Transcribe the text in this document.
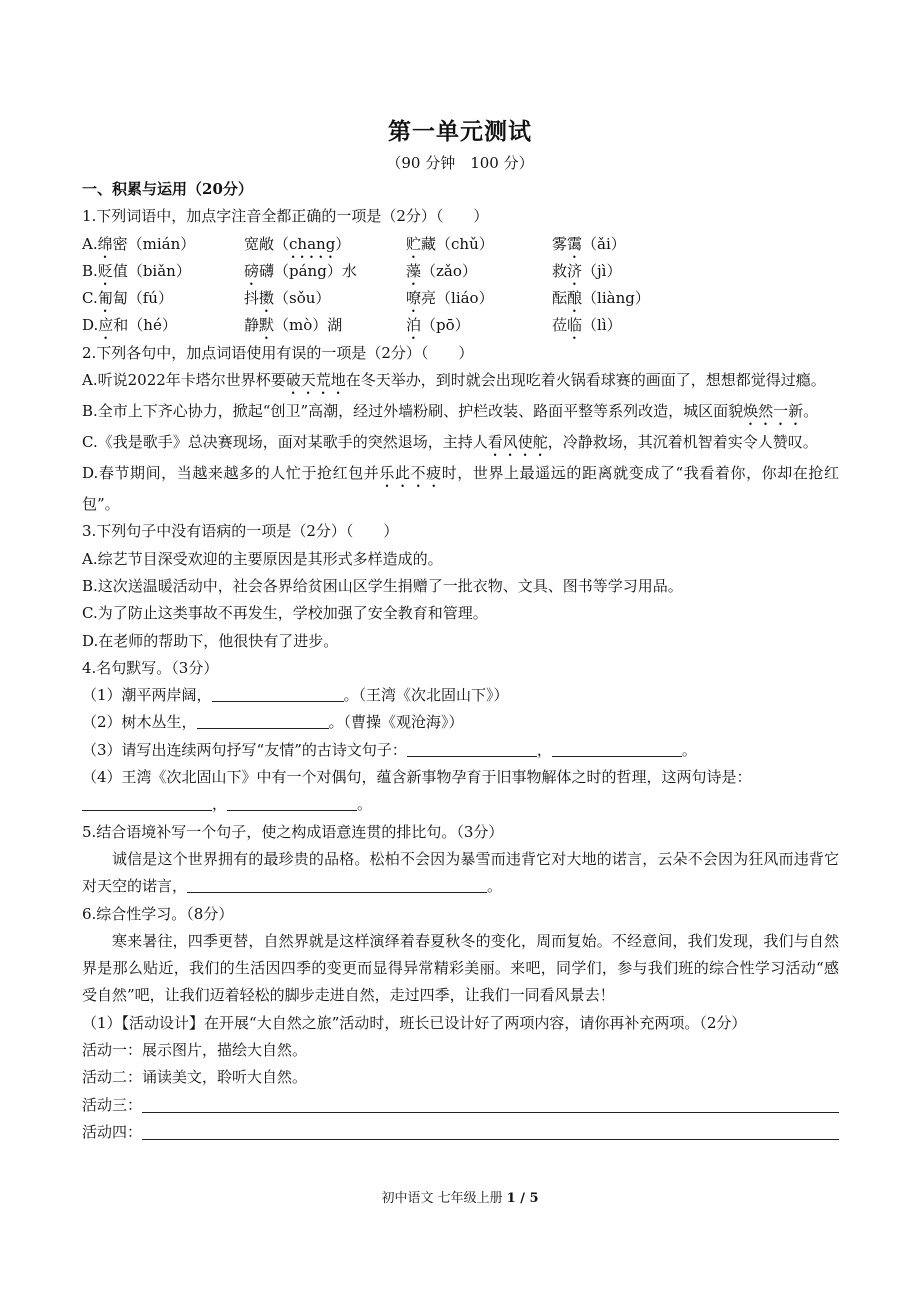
n.com.cn
第一单元测试
（90 分钟　100 分）
一、积累与运用（20分）
1.下列词语中，加点字注音全都正确的一项是（2分）（　　）
A.绵密（mián）	宽敞（chang）	贮藏（chǔ）	雾霭（ǎi）
B.贬值（biǎn）	磅礴（páng）水	藻（zǎo）	救济（jì）
C.匍匐（fú）	抖擞（sǒu）	嘹亮（liáo）	酝酿（liàng）
D.应和（hé）	静默（mò）湖	泊（pō）	莅临（lì）
2.下列各句中，加点词语使用有误的一项是（2分）（　　）
A.听说2022年卡塔尔世界杯要破天荒地在冬天举办，到时就会出现吃着火锅看球赛的画面了，想想都觉得过瘾。
B.全市上下齐心协力，掀起“创卫”高潮，经过外墙粉刷、护栏改装、路面平整等系列改造，城区面貌焕然一新。
C.《我是歌手》总决赛现场，面对某歌手的突然退场，主持人看风使舵，冷静救场，其沉着机智着实令人赞叹。
D.春节期间，当越来越多的人忙于抢红包并乐此不疲时，世界上最遥远的距离就变成了“我看着你，你却在抢红包”。
3.下列句子中没有语病的一项是（2分）（　　）
A.综艺节目深受欢迎的主要原因是其形式多样造成的。
B.这次送温暖活动中，社会各界给贫困山区学生捐赠了一批衣物、文具、图书等学习用品。
C.为了防止这类事故不再发生，学校加强了安全教育和管理。
D.在老师的帮助下，他很快有了进步。
4.名句默写。（3分）
（1）潮平两岸阔，	。（王湾《次北固山下》）
（2）树木丛生，	。（曹操《观沧海》）
（3）请写出连续两句抒写“友情”的古诗文句子：	，	。
（4）王湾《次北固山下》中有一个对偶句，蕴含新事物孕育于旧事物解体之时的哲理，这两句诗是：
，	。
5.结合语境补写一个句子，使之构成语意连贯的排比句。（3分）
诚信是这个世界拥有的最珍贵的品格。松柏不会因为暴雪而违背它对大地的诺言，云朵不会因为狂风而违背它对天空的诺言，	。
6.综合性学习。（8分）
寒来暑往，四季更替，自然界就是这样演绎着春夏秋冬的变化，周而复始。不经意间，我们发现，我们与自然界是那么贴近，我们的生活因四季的变更而显得异常精彩美丽。来吧，同学们，参与我们班的综合性学习活动“感受自然”吧，让我们迈着轻松的脚步走进自然，走过四季，让我们一同看风景去！
（1）【活动设计】在开展“大自然之旅”活动时，班长已设计好了两项内容，请你再补充两项。（2分）
活动一：展示图片，描绘大自然。
活动二：诵读美文，聆听大自然。
活动三：
活动四：
初中语文 七年级上册 1 / 5
